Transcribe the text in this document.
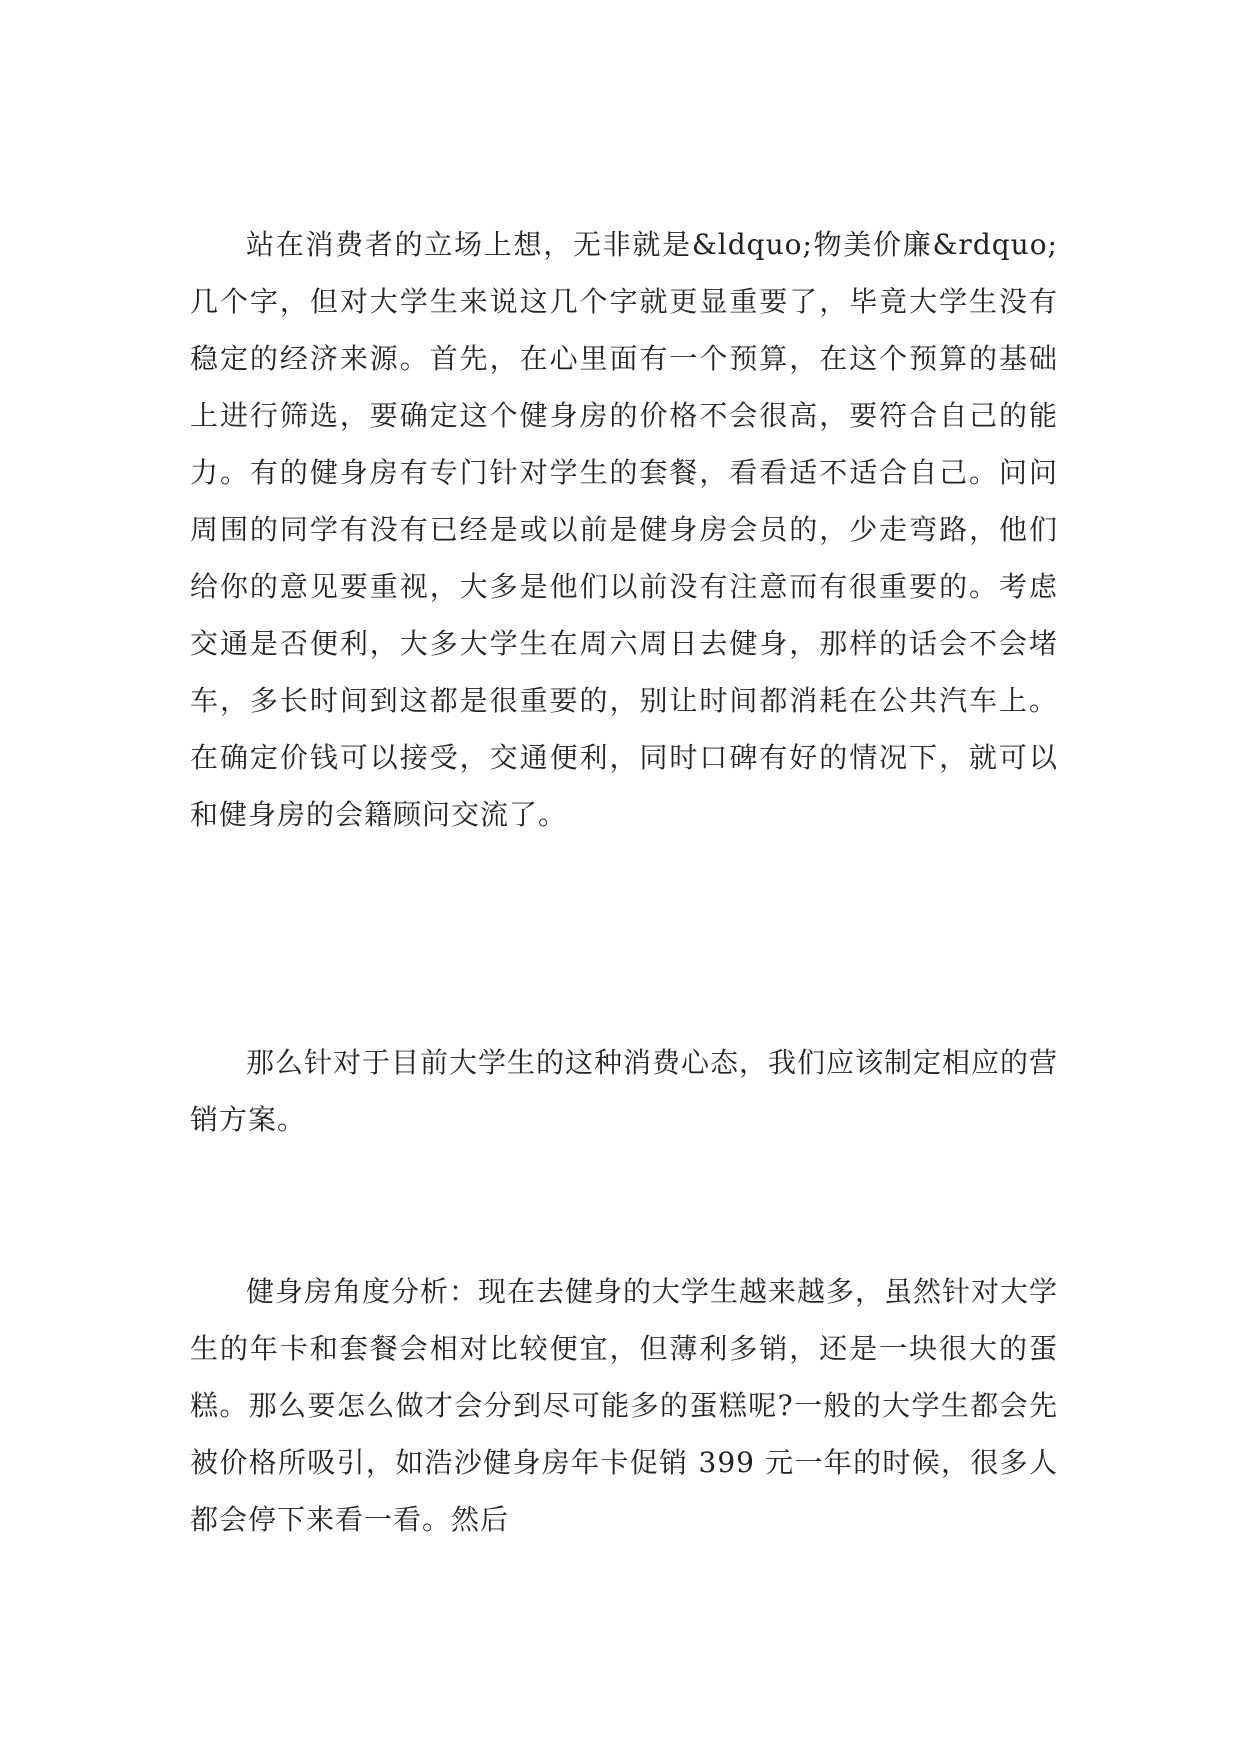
站在消费者的立场上想，无非就是&ldquo;物美价廉&rdquo;几个字，但对大学生来说这几个字就更显重要了，毕竟大学生没有稳定的经济来源。首先，在心里面有一个预算，在这个预算的基础上进行筛选，要确定这个健身房的价格不会很高，要符合自己的能力。有的健身房有专门针对学生的套餐，看看适不适合自己。问问周围的同学有没有已经是或以前是健身房会员的，少走弯路，他们给你的意见要重视，大多是他们以前没有注意而有很重要的。考虑交通是否便利，大多大学生在周六周日去健身，那样的话会不会堵车，多长时间到这都是很重要的，别让时间都消耗在公共汽车上。在确定价钱可以接受，交通便利，同时口碑有好的情况下，就可以和健身房的会籍顾问交流了。

那么针对于目前大学生的这种消费心态，我们应该制定相应的营销方案。

健身房角度分析：现在去健身的大学生越来越多，虽然针对大学生的年卡和套餐会相对比较便宜，但薄利多销，还是一块很大的蛋糕。那么要怎么做才会分到尽可能多的蛋糕呢?一般的大学生都会先被价格所吸引，如浩沙健身房年卡促销 399 元一年的时候，很多人都会停下来看一看。然后
